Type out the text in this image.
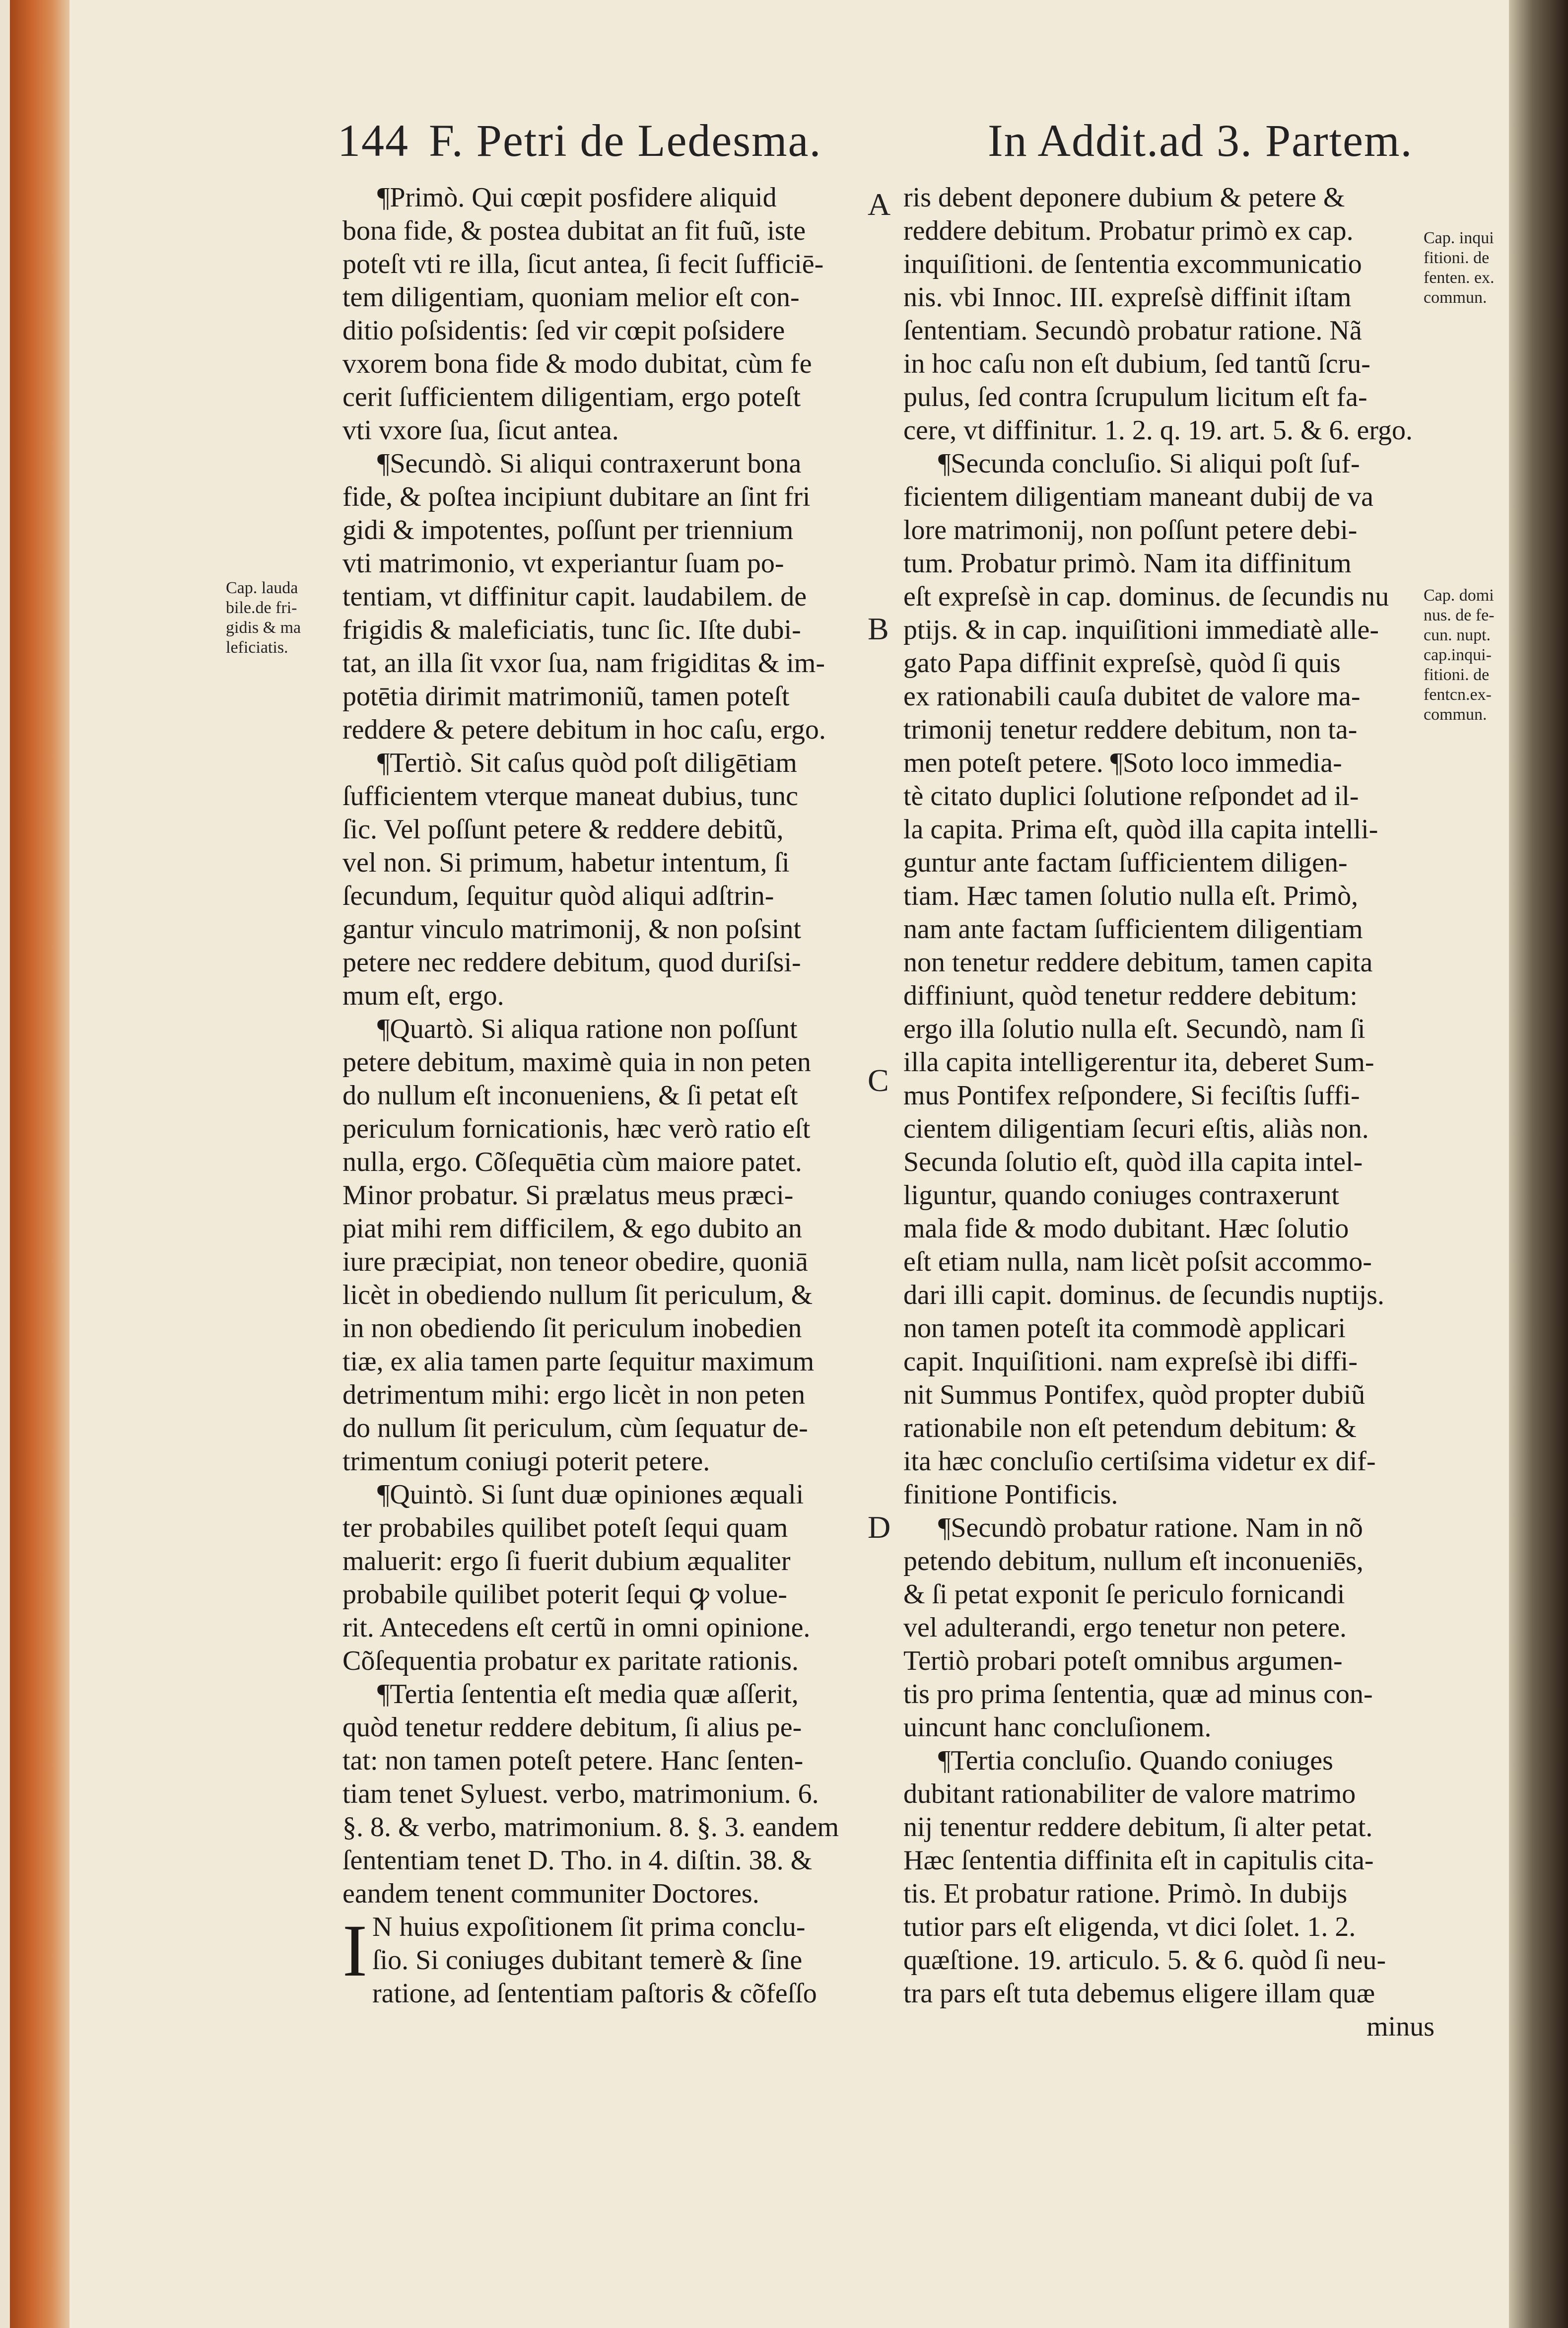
144 F. Petri de Ledesma.	In Addit.ad 3. Partem.
Cap. lauda
bile.de fri-
gidis & ma
leficiatis.
Cap. inqui
fitioni. de
fenten. ex.
commun.
Cap. domi
nus. de fe-
cun. nupt.
cap.inqui-
fitioni. de
fentcn.ex-
commun.
A
B
C
D
¶Primò. Qui cœpit posfidere aliquid
bona fide, & postea dubitat an fit fuũ, iste
poteſt vti re illa, ſicut antea, ſi fecit ſufficiē-
tem diligentiam, quoniam melior eſt con-
ditio poſsidentis: ſed vir cœpit poſsidere
vxorem bona fide & modo dubitat, cùm fe
cerit ſufficientem diligentiam, ergo poteſt
vti vxore ſua, ſicut antea.
¶Secundò. Si aliqui contraxerunt bona
fide, & poſtea incipiunt dubitare an ſint fri
gidi & impotentes, poſſunt per triennium
vti matrimonio, vt experiantur ſuam po-
tentiam, vt diffinitur capit. laudabilem. de
frigidis & maleficiatis, tunc ſic. Iſte dubi-
tat, an illa ſit vxor ſua, nam frigiditas & im-
potētia dirimit matrimoniũ, tamen poteſt
reddere & petere debitum in hoc caſu, ergo.
¶Tertiò. Sit caſus quòd poſt diligētiam
ſufficientem vterque maneat dubius, tunc
ſic. Vel poſſunt petere & reddere debitũ,
vel non. Si primum, habetur intentum, ſi
ſecundum, ſequitur quòd aliqui adſtrin-
gantur vinculo matrimonij, & non poſsint
petere nec reddere debitum, quod duriſsi-
mum eſt, ergo.
¶Quartò. Si aliqua ratione non poſſunt
petere debitum, maximè quia in non peten
do nullum eſt inconueniens, & ſi petat eſt
periculum fornicationis, hæc verò ratio eſt
nulla, ergo. Cõſequētia cùm maiore patet.
Minor probatur. Si prælatus meus præci-
piat mihi rem difficilem, & ego dubito an
iure præcipiat, non teneor obedire, quoniā
licèt in obediendo nullum ſit periculum, &
in non obediendo ſit periculum inobedien
tiæ, ex alia tamen parte ſequitur maximum
detrimentum mihi: ergo licèt in non peten
do nullum ſit periculum, cùm ſequatur de-
trimentum coniugi poterit petere.
¶Quintò. Si ſunt duæ opiniones æquali
ter probabiles quilibet poteſt ſequi quam
maluerit: ergo ſi fuerit dubium æqualiter
probabile quilibet poterit ſequi ꝙ volue-
rit. Antecedens eſt certũ in omni opinione.
Cõſequentia probatur ex paritate rationis.
¶Tertia ſententia eſt media quæ aſſerit,
quòd tenetur reddere debitum, ſi alius pe-
tat: non tamen poteſt petere. Hanc ſenten-
tiam tenet Syluest. verbo, matrimonium. 6.
§. 8. & verbo, matrimonium. 8. §. 3. eandem
ſententiam tenet D. Tho. in 4. diſtin. 38. &
eandem tenent communiter Doctores.
I N huius expoſitionem ſit prima conclu-
ſio. Si coniuges dubitant temerè & ſine
ratione, ad ſententiam paſtoris & cõfeſſo
ris debent deponere dubium & petere &
reddere debitum. Probatur primò ex cap.
inquiſitioni. de ſententia excommunicatio
nis. vbi Innoc. III. expreſsè diffinit iſtam
ſententiam. Secundò probatur ratione. Nã
in hoc caſu non eſt dubium, ſed tantũ ſcru-
pulus, ſed contra ſcrupulum licitum eſt fa-
cere, vt diffinitur. 1. 2. q. 19. art. 5. & 6. ergo.
¶Secunda concluſio. Si aliqui poſt ſuf-
ficientem diligentiam maneant dubij de va
lore matrimonij, non poſſunt petere debi-
tum. Probatur primò. Nam ita diffinitum
eſt expreſsè in cap. dominus. de ſecundis nu
ptijs. & in cap. inquiſitioni immediatè alle-
gato Papa diffinit expreſsè, quòd ſi quis
ex rationabili cauſa dubitet de valore ma-
trimonij tenetur reddere debitum, non ta-
men poteſt petere. ¶Soto loco immedia-
tè citato duplici ſolutione reſpondet ad il-
la capita. Prima eſt, quòd illa capita intelli-
guntur ante factam ſufficientem diligen-
tiam. Hæc tamen ſolutio nulla eſt. Primò,
nam ante factam ſufficientem diligentiam
non tenetur reddere debitum, tamen capita
diffiniunt, quòd tenetur reddere debitum:
ergo illa ſolutio nulla eſt. Secundò, nam ſi
illa capita intelligerentur ita, deberet Sum-
mus Pontifex reſpondere, Si feciſtis ſuffi-
cientem diligentiam ſecuri eſtis, aliàs non.
Secunda ſolutio eſt, quòd illa capita intel-
liguntur, quando coniuges contraxerunt
mala fide & modo dubitant. Hæc ſolutio
eſt etiam nulla, nam licèt poſsit accommo-
dari illi capit. dominus. de ſecundis nuptijs.
non tamen poteſt ita commodè applicari
capit. Inquiſitioni. nam expreſsè ibi diffi-
nit Summus Pontifex, quòd propter dubiũ
rationabile non eſt petendum debitum: &
ita hæc concluſio certiſsima videtur ex dif-
finitione Pontificis.
¶Secundò probatur ratione. Nam in nõ
petendo debitum, nullum eſt inconueniēs,
& ſi petat exponit ſe periculo fornicandi
vel adulterandi, ergo tenetur non petere.
Tertiò probari poteſt omnibus argumen-
tis pro prima ſententia, quæ ad minus con-
uincunt hanc concluſionem.
¶Tertia concluſio. Quando coniuges
dubitant rationabiliter de valore matrimo
nij tenentur reddere debitum, ſi alter petat.
Hæc ſententia diffinita eſt in capitulis cita-
tis. Et probatur ratione. Primò. In dubijs
tutior pars eſt eligenda, vt dici ſolet. 1. 2.
quæſtione. 19. articulo. 5. & 6. quòd ſi neu-
tra pars eſt tuta debemus eligere illam quæ
minus
